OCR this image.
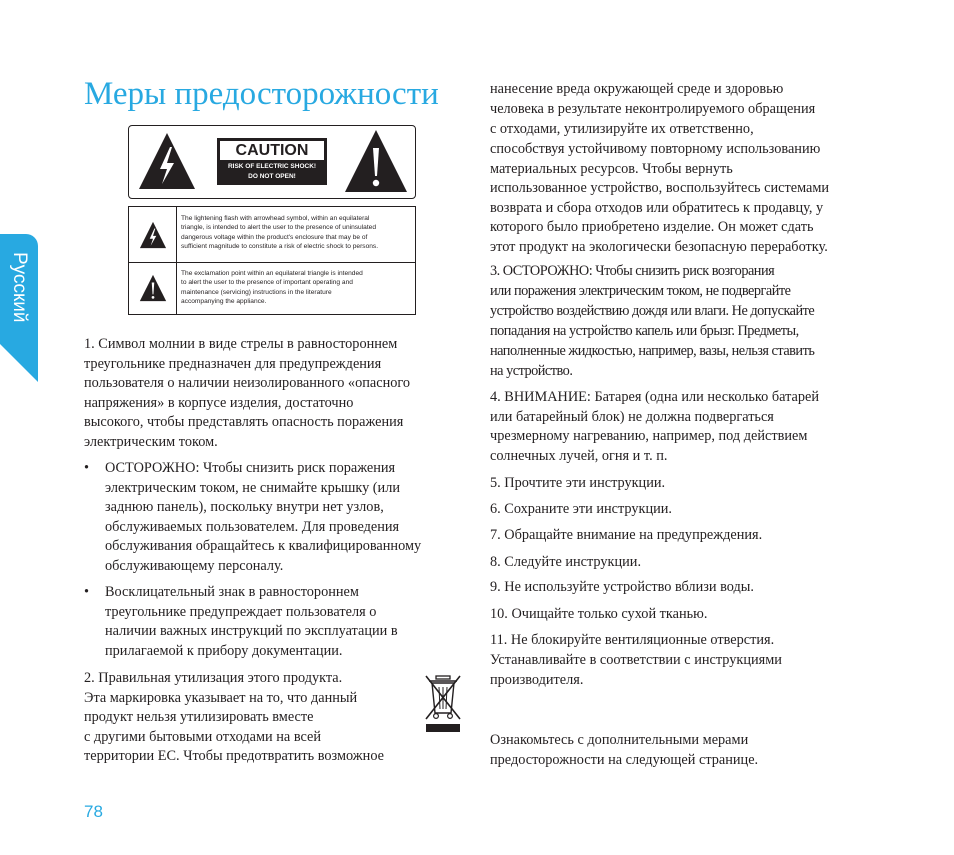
Русский
Меры предосторожности
CAUTION
RISK OF ELECTRIC SHOCK!
DO NOT OPEN!
The lightening flash with arrowhead symbol, within an equilateral
triangle, is intended to alert the user to the presence of uninsulated
dangerous voltage within the product's enclosure that may be of
sufficient magnitude to constitute a risk of electric shock to persons.
The exclamation point within an equilateral triangle is intended
to alert the user to the presence of important operating and
maintenance (servicing) instructions in the literature
accompanying the appliance.
1. Символ молнии в виде стрелы в равностороннем
треугольнике предназначен для предупреждения
пользователя о наличии неизолированного «опасного
напряжения» в корпусе изделия, достаточно
высокого, чтобы представлять опасность поражения
электрическим током.
• ОСТОРОЖНО: Чтобы снизить риск поражения
электрическим током, не снимайте крышку (или
заднюю панель), поскольку внутри нет узлов,
обслуживаемых пользователем. Для проведения
обслуживания обращайтесь к квалифицированному
обслуживающему персоналу.
• Восклицательный знак в равностороннем
треугольнике предупреждает пользователя о
наличии важных инструкций по эксплуатации в
прилагаемой к прибору документации.
2. Правильная утилизация этого продукта.
Эта маркировка указывает на то, что данный
продукт нельзя утилизировать вместе
с другими бытовыми отходами на всей
территории ЕС. Чтобы предотвратить возможное
нанесение вреда окружающей среде и здоровью
человека в результате неконтролируемого обращения
с отходами, утилизируйте их ответственно,
способствуя устойчивому повторному использованию
материальных ресурсов. Чтобы вернуть
использованное устройство, воспользуйтесь системами
возврата и сбора отходов или обратитесь к продавцу, у
которого было приобретено изделие. Он может сдать
этот продукт на экологически безопасную переработку.
3. ОСТОРОЖНО: Чтобы снизить риск возгорания
или поражения электрическим током, не подвергайте
устройство воздействию дождя или влаги. Не допускайте
попадания на устройство капель или брызг. Предметы,
наполненные жидкостью, например, вазы, нельзя ставить
на устройство.
4. ВНИМАНИЕ: Батарея (одна или несколько батарей
или батарейный блок) не должна подвергаться
чрезмерному нагреванию, например, под действием
солнечных лучей, огня и т. п.
5. Прочтите эти инструкции.
6. Сохраните эти инструкции.
7. Обращайте внимание на предупреждения.
8. Следуйте инструкции.
9. Не используйте устройство вблизи воды.
10. Очищайте только сухой тканью.
11. Не блокируйте вентиляционные отверстия.
Устанавливайте в соответствии с инструкциями
производителя.
Ознакомьтесь с дополнительными мерами
предосторожности на следующей странице.
78
